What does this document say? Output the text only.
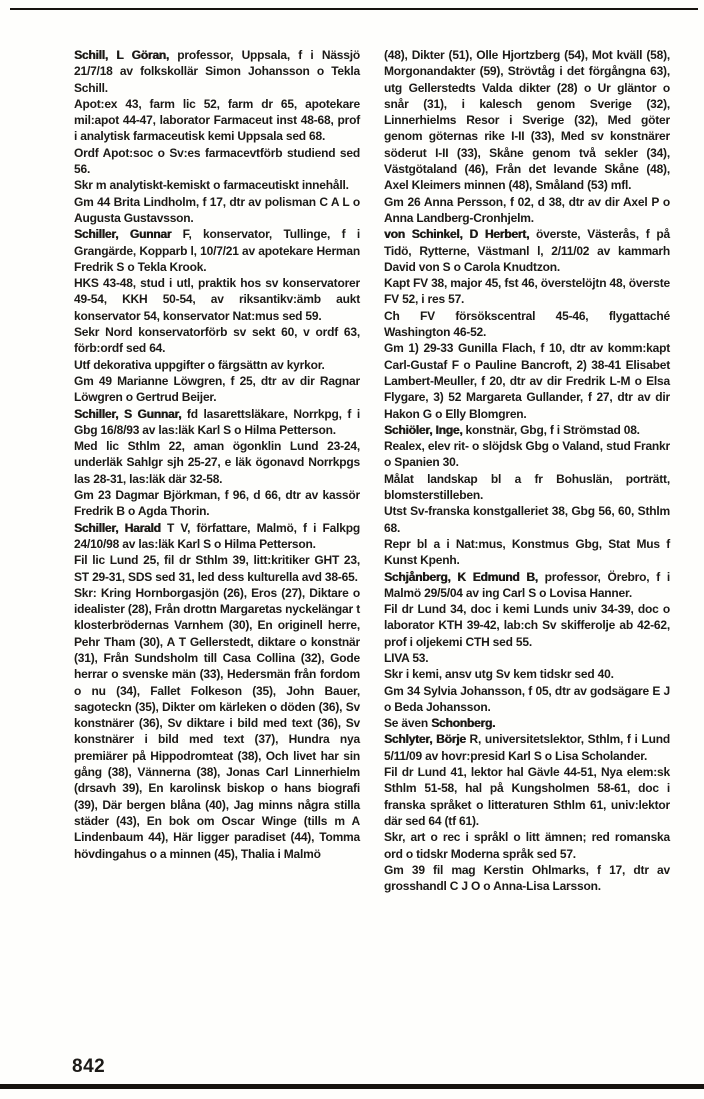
Schill, L Göran, professor, Uppsala, f i Nässjö 21/7/18 av folkskollär Simon Johansson o Tekla Schill.

Apot:ex 43, farm lic 52, farm dr 65, apotekare mil:apot 44-47, laborator Farmaceut inst 48-68, prof i analytisk farmaceutisk kemi Uppsala sed 68.

Ordf Apot:soc o Sv:es farmacevtförb studiend sed 56.

Skr m analytiskt-kemiskt o farmaceutiskt innehåll.

Gm 44 Brita Lindholm, f 17, dtr av polisman C A L o Augusta Gustavsson.

Schiller, Gunnar F, konservator, Tullinge, f i Grangärde, Kopparb l, 10/7/21 av apotekare Herman Fredrik S o Tekla Krook.

HKS 43-48, stud i utl, praktik hos sv konservatorer 49-54, KKH 50-54, av riksantikv:ämb aukt konservator 54, konservator Nat:mus sed 59.

Sekr Nord konservatorförb sv sekt 60, v ordf 63, förb:ordf sed 64.

Utf dekorativa uppgifter o färgsättn av kyrkor.

Gm 49 Marianne Löwgren, f 25, dtr av dir Ragnar Löwgren o Gertrud Beijer.

Schiller, S Gunnar, fd lasarettsläkare, Norrkpg, f i Gbg 16/8/93 av las:läk Karl S o Hilma Petterson.

Med lic Sthlm 22, aman ögonklin Lund 23-24, underläk Sahlgr sjh 25-27, e läk ögonavd Norrkpgs las 28-31, las:läk där 32-58.

Gm 23 Dagmar Björkman, f 96, d 66, dtr av kassör Fredrik B o Agda Thorin.

Schiller, Harald T V, författare, Malmö, f i Falkpg 24/10/98 av las:läk Karl S o Hilma Petterson.

Fil lic Lund 25, fil dr Sthlm 39, litt:kritiker GHT 23, ST 29-31, SDS sed 31, led dess kulturella avd 38-65.

Skr: Kring Hornborgasjön (26), Eros (27), Diktare o idealister (28), Från drottn Margaretas nyckelängar t klosterbrödernas Varnhem (30), En originell herre, Pehr Tham (30), A T Gellerstedt, diktare o konstnär (31), Från Sundsholm till Casa Collina (32), Gode herrar o svenske män (33), Hedersmän från fordom o nu (34), Fallet Folkeson (35), John Bauer, sagoteckn (35), Dikter om kärleken o döden (36), Sv konstnärer (36), Sv diktare i bild med text (36), Sv konstnärer i bild med text (37), Hundra nya premiärer på Hippodromteat (38), Och livet har sin gång (38), Vännerna (38), Jonas Carl Linnerhielm (drsavh 39), En karolinsk biskop o hans biografi (39), Där bergen blåna (40), Jag minns några stilla städer (43), En bok om Oscar Winge (tills m A Lindenbaum 44), Här ligger paradiset (44), Tomma hövdingahus o a minnen (45), Thalia i Malmö

(48), Dikter (51), Olle Hjortzberg (54), Mot kväll (58), Morgonandakter (59), Strövtåg i det förgångna 63), utg Gellerstedts Valda dikter (28) o Ur gläntor o snår (31), i kalesch genom Sverige (32), Linnerhielms Resor i Sverige (32), Med göter genom göternas rike I-II (33), Med sv konstnärer söderut I-II (33), Skåne genom två sekler (34), Västgötaland (46), Från det levande Skåne (48), Axel Kleimers minnen (48), Småland (53) mfl.

Gm 26 Anna Persson, f 02, d 38, dtr av dir Axel P o Anna Landberg-Cronhjelm.

von Schinkel, D Herbert, överste, Västerås, f på Tidö, Rytterne, Västmanl l, 2/11/02 av kammarh David von S o Carola Knudtzon.

Kapt FV 38, major 45, fst 46, överstelöjtn 48, överste FV 52, i res 57.

Ch FV försökscentral 45-46, flygattaché Washington 46-52.

Gm 1) 29-33 Gunilla Flach, f 10, dtr av komm:kapt Carl-Gustaf F o Pauline Bancroft, 2) 38-41 Elisabet Lambert-Meuller, f 20, dtr av dir Fredrik L-M o Elsa Flygare, 3) 52 Margareta Gullander, f 27, dtr av dir Hakon G o Elly Blomgren.

Schiöler, Inge, konstnär, Gbg, f i Strömstad 08.

Realex, elev rit- o slöjdsk Gbg o Valand, stud Frankr o Spanien 30.

Målat landskap bl a fr Bohuslän, porträtt, blomsterstilleben.

Utst Sv-franska konstgalleriet 38, Gbg 56, 60, Sthlm 68.

Repr bl a i Nat:mus, Konstmus Gbg, Stat Mus f Kunst Kpenh.

Schjånberg, K Edmund B, professor, Örebro, f i Malmö 29/5/04 av ing Carl S o Lovisa Hanner.

Fil dr Lund 34, doc i kemi Lunds univ 34-39, doc o laborator KTH 39-42, lab:ch Sv skifferolje ab 42-62, prof i oljekemi CTH sed 55.

LIVA 53.

Skr i kemi, ansv utg Sv kem tidskr sed 40.

Gm 34 Sylvia Johansson, f 05, dtr av godsägare E J o Beda Johansson.

Se även Schonberg.

Schlyter, Börje R, universitetslektor, Sthlm, f i Lund 5/11/09 av hovr:presid Karl S o Lisa Scholander.

Fil dr Lund 41, lektor hal Gävle 44-51, Nya elem:sk Sthlm 51-58, hal på Kungsholmen 58-61, doc i franska språket o litteraturen Sthlm 61, univ:lektor där sed 64 (tf 61).

Skr, art o rec i språkl o litt ämnen; red romanska ord o tidskr Moderna språk sed 57.

Gm 39 fil mag Kerstin Ohlmarks, f 17, dtr av grosshandl C J O o Anna-Lisa Larsson.

842
